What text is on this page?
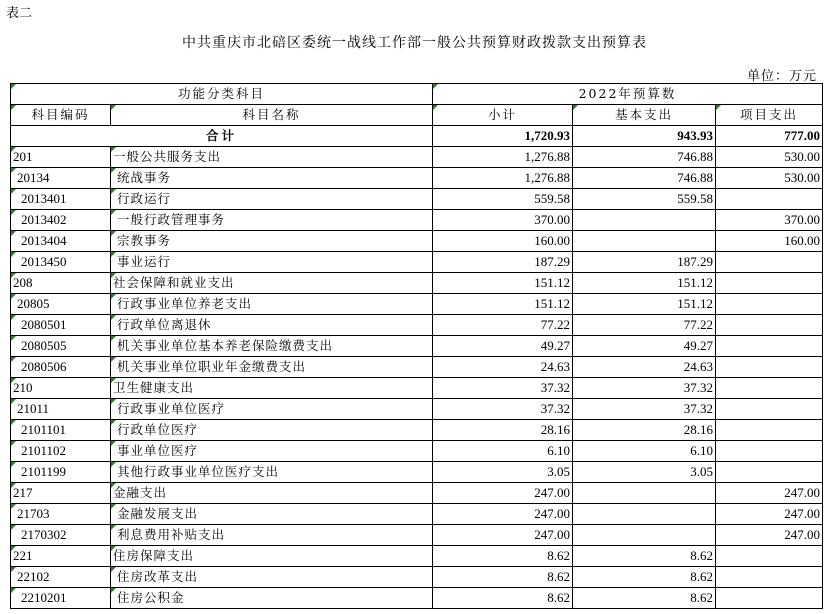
表二
中共重庆市北碚区委统一战线工作部一般公共预算财政拨款支出预算表
单位：万元
功能分类科目		2022年预算数		
科目编码	科目名称	小计	基本支出	项目支出
合计		1,720.93	943.93	777.00
201	一般公共服务支出	1,276.88	746.88	530.00
20134	统战事务	1,276.88	746.88	530.00
2013401	行政运行	559.58	559.58	
2013402	一般行政管理事务	370.00		370.00
2013404	宗教事务	160.00		160.00
2013450	事业运行	187.29	187.29	
208	社会保障和就业支出	151.12	151.12	
20805	行政事业单位养老支出	151.12	151.12	
2080501	行政单位离退休	77.22	77.22	
2080505	机关事业单位基本养老保险缴费支出	49.27	49.27	
2080506	机关事业单位职业年金缴费支出	24.63	24.63	
210	卫生健康支出	37.32	37.32	
21011	行政事业单位医疗	37.32	37.32	
2101101	行政单位医疗	28.16	28.16	
2101102	事业单位医疗	6.10	6.10	
2101199	其他行政事业单位医疗支出	3.05	3.05	
217	金融支出	247.00		247.00
21703	金融发展支出	247.00		247.00
2170302	利息费用补贴支出	247.00		247.00
221	住房保障支出	8.62	8.62	
22102	住房改革支出	8.62	8.62	
2210201	住房公积金	8.62	8.62	
